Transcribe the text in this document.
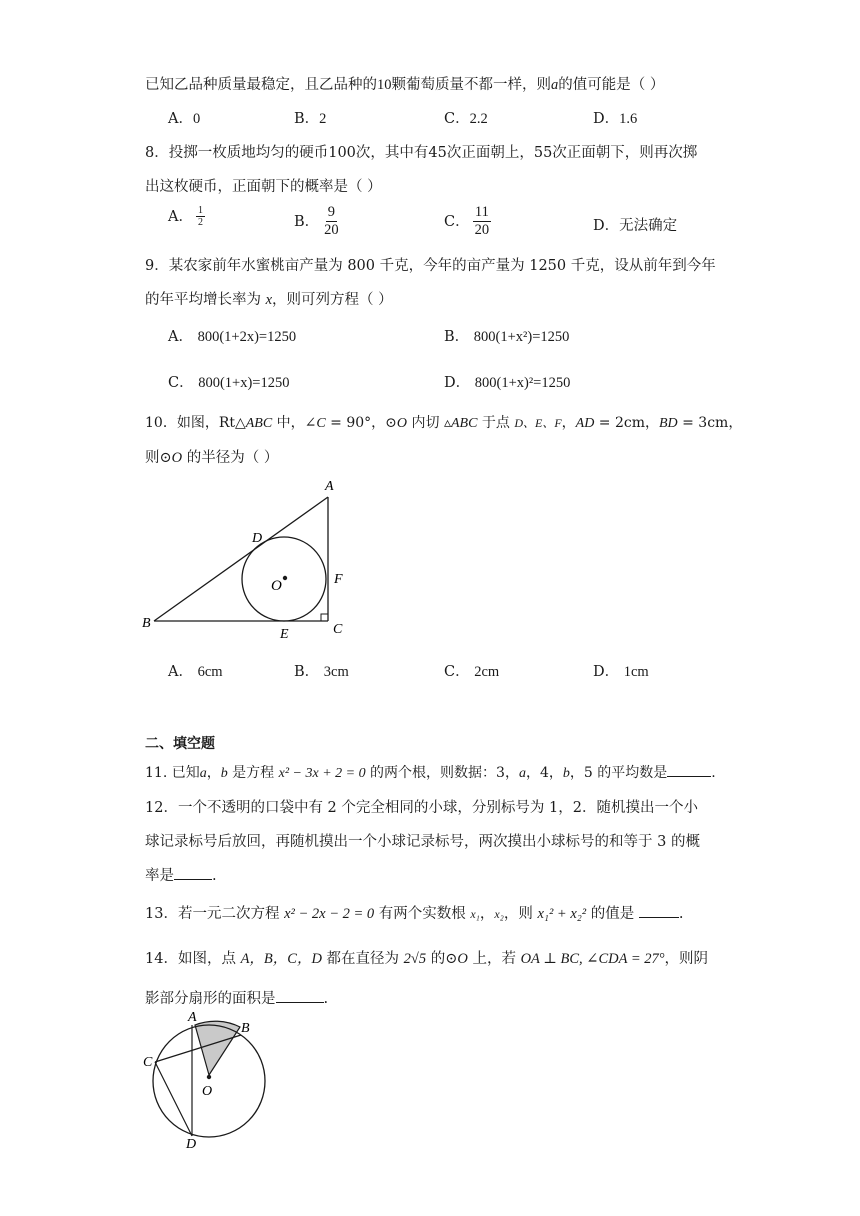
已知乙品种质量最稳定，且乙品种的10颗葡萄质量不都一样，则a的值可能是（ ）
A．0	B．2	C．2.2	D．1.6
8．投掷一枚质地均匀的硬币100次，其中有45次正面朝上，55次正面朝下，则再次掷
出这枚硬币，正面朝下的概率是（ ）
A． $\frac{1}{2}$	B． $\frac{9}{20}$	C． $\frac{11}{20}$	D．无法确定
9．某农家前年水蜜桃亩产量为 800 千克，今年的亩产量为 1250 千克，设从前年到今年
的年平均增长率为 x，则可列方程（ ）
A． 800(1+2x)=1250	B． 800(1+x²)=1250
C． 800(1+x)=1250	D． 800(1+x)²=1250
10．如图，Rt△ABC 中，∠C = 90°，⊙O 内切 ▵ABC 于点 D、E、F，AD = 2cm，BD = 3cm，
则⊙O 的半径为（ ）
A
B	C
D
E
F
O
A． 6cm	B． 3cm	C． 2cm	D． 1cm
二、填空题
11. 已知a，b 是方程 x² − 3x + 2 = 0 的两个根，则数据：3，a，4，b，5 的平均数是	.
12．一个不透明的口袋中有 2 个完全相同的小球，分别标号为 1，2．随机摸出一个小
球记录标号后放回，再随机摸出一个小球记录标号，两次摸出小球标号的和等于 3 的概
率是	.
13．若一元二次方程 x² − 2x − 2 = 0 有两个实数根 x₁，x₂，则 x₁² + x₂² 的值是	.
14．如图，点 A，B，C，D 都在直径为 2√5 的⊙O 上，若 OA ⊥ BC, ∠CDA = 27°，则阴
影部分扇形的面积是	.
A
B
C
D
O
